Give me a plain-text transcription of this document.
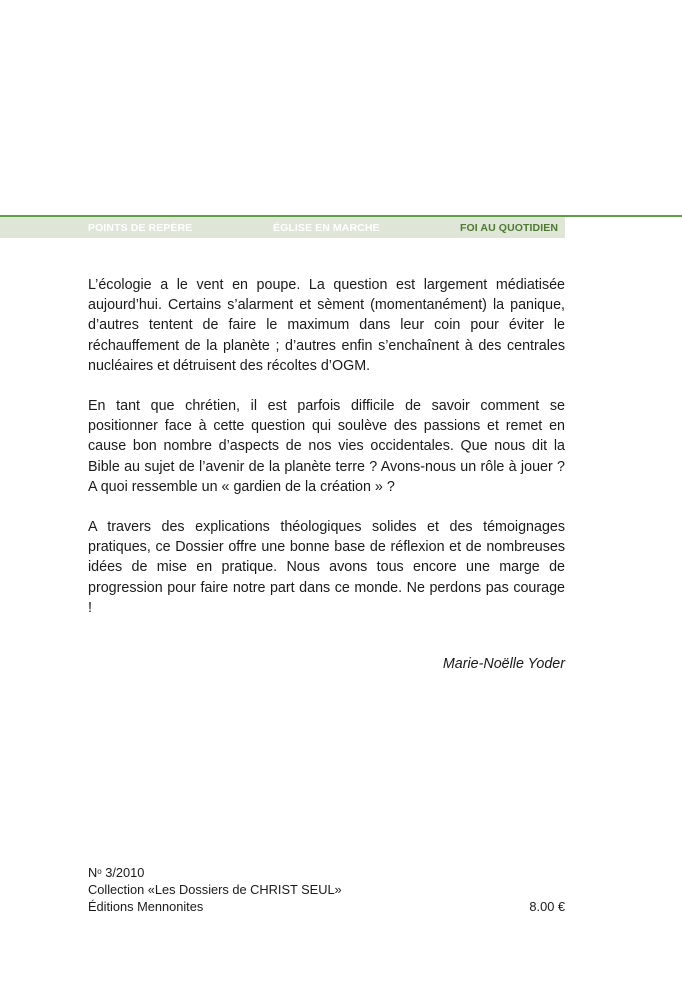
POINTS DE REPÈRE	ÉGLISE EN MARCHE	FOI AU QUOTIDIEN

L’écologie a le vent en poupe. La question est largement médiatisée aujourd’hui. Certains s’alarment et sèment (momentanément) la panique, d’autres tentent de faire le maximum dans leur coin pour éviter le réchauffement de la planète ; d’autres enfin s’enchaînent à des centrales nucléaires et détruisent des récoltes d’OGM.

En tant que chrétien, il est parfois difficile de savoir comment se positionner face à cette question qui soulève des passions et remet en cause bon nombre d’aspects de nos vies occidentales. Que nous dit la Bible au sujet de l’avenir de la planète terre ? Avons-nous un rôle à jouer ? A quoi ressemble un « gardien de la création » ?

A travers des explications théologiques solides et des témoignages pratiques, ce Dossier offre une bonne base de réflexion et de nombreuses idées de mise en pratique. Nous avons tous encore une marge de progression pour faire notre part dans ce monde. Ne perdons pas courage !

Marie-Noëlle Yoder
$N^o$ 3/2010
Collection «Les Dossiers de CHRIST SEUL»
Éditions Mennonites	8.00 €
